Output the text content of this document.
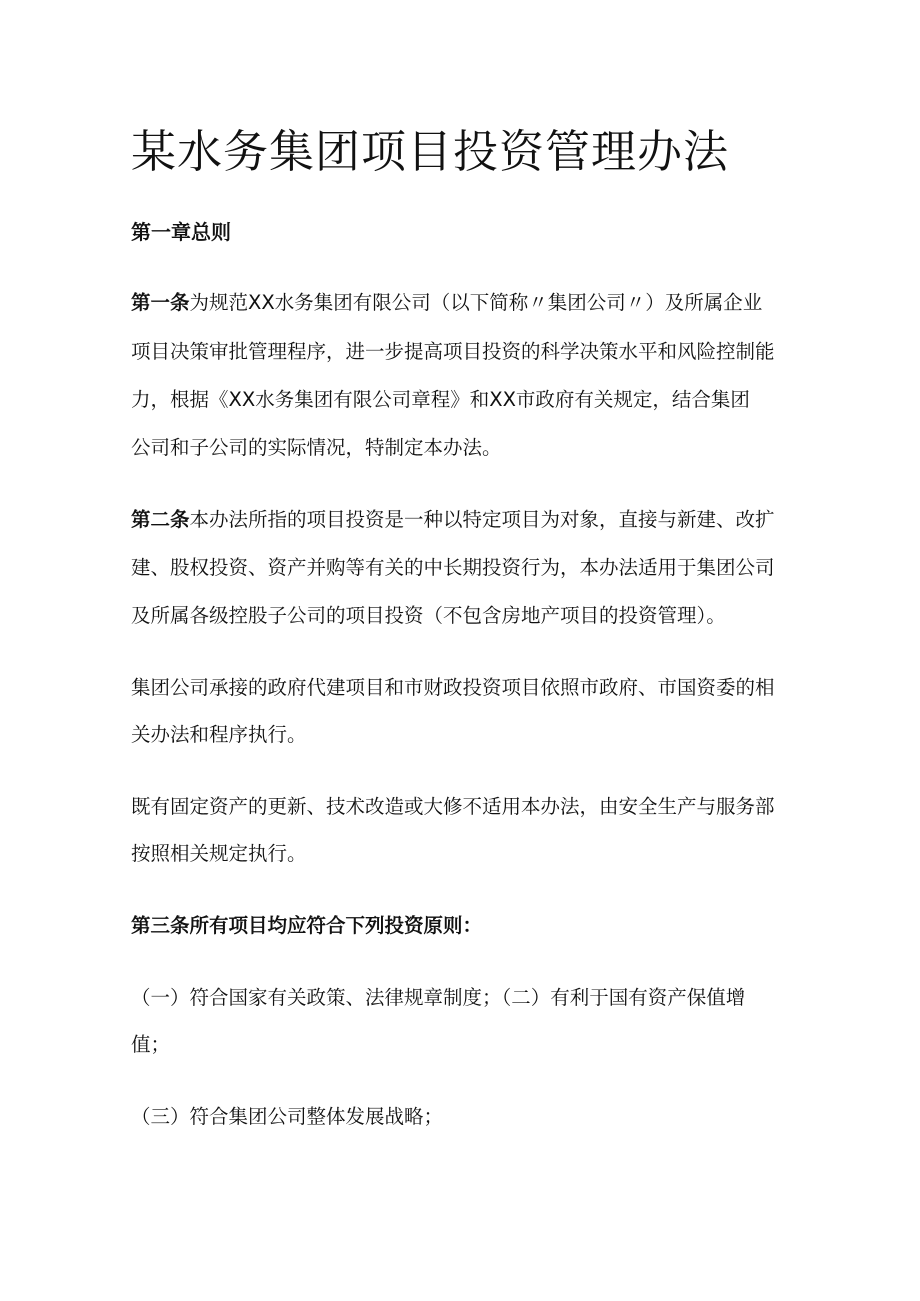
某水务集团项目投资管理办法
第一章总则

第一条为规范XX水务集团有限公司（以下简称〃集团公司〃）及所属企业

项目决策审批管理程序，进一步提高项目投资的科学决策水平和风险控制能

力，根据《XX水务集团有限公司章程》和XX市政府有关规定，结合集团

公司和子公司的实际情况，特制定本办法。

第二条本办法所指的项目投资是一种以特定项目为对象，直接与新建、改扩

建、股权投资、资产并购等有关的中长期投资行为，本办法适用于集团公司

及所属各级控股子公司的项目投资（不包含房地产项目的投资管理）。

集团公司承接的政府代建项目和市财政投资项目依照市政府、市国资委的相

关办法和程序执行。

既有固定资产的更新、技术改造或大修不适用本办法，由安全生产与服务部

按照相关规定执行。

第三条所有项目均应符合下列投资原则：

（一）符合国家有关政策、法律规章制度；（二）有利于国有资产保值增

值；

（三）符合集团公司整体发展战略；
